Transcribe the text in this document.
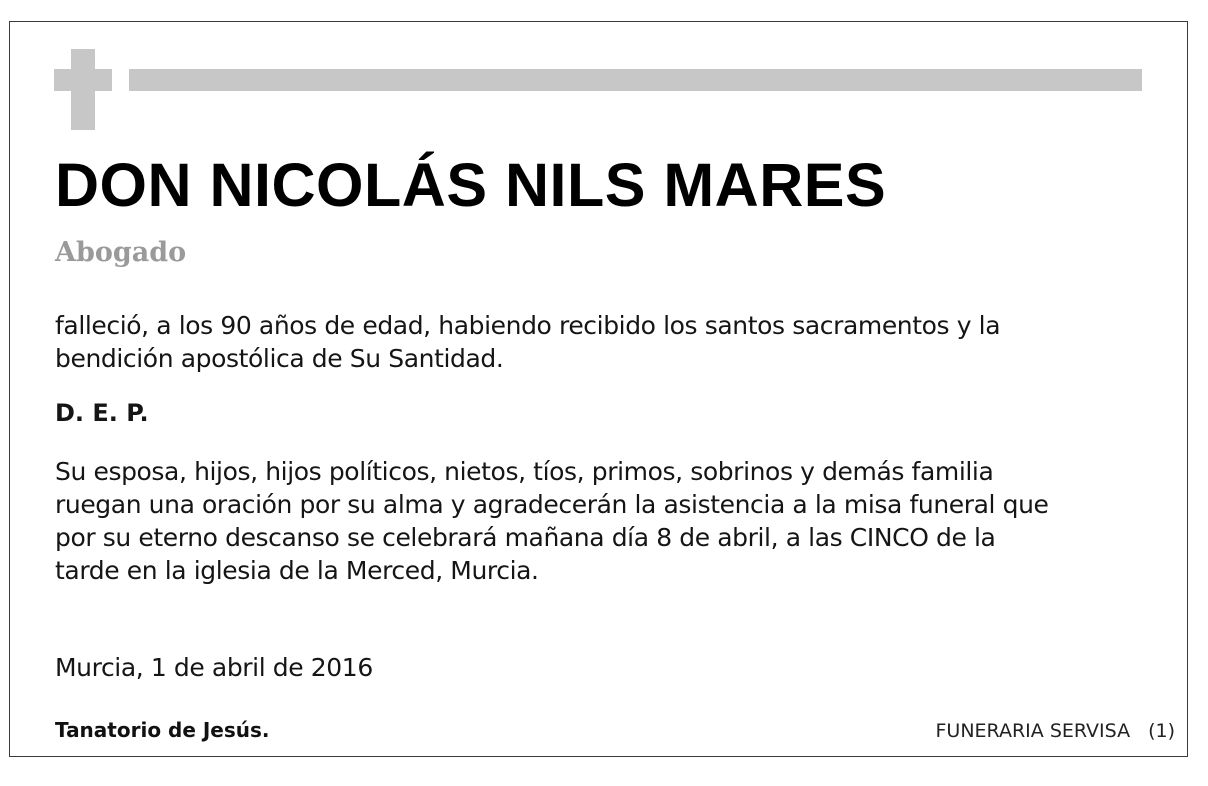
DON NICOLÁS NILS MARES

Abogado

falleció, a los 90 años de edad, habiendo recibido los santos sacramentos y la
bendición apostólica de Su Santidad.

D. E. P.

Su esposa, hijos, hijos políticos, nietos, tíos, primos, sobrinos y demás familia
ruegan una oración por su alma y agradecerán la asistencia a la misa funeral que
por su eterno descanso se celebrará mañana día 8 de abril, a las CINCO de la
tarde en la iglesia de la Merced, Murcia.

Murcia, 1 de abril de 2016

Tanatorio de Jesús.	FUNERARIA SERVISA (1)
